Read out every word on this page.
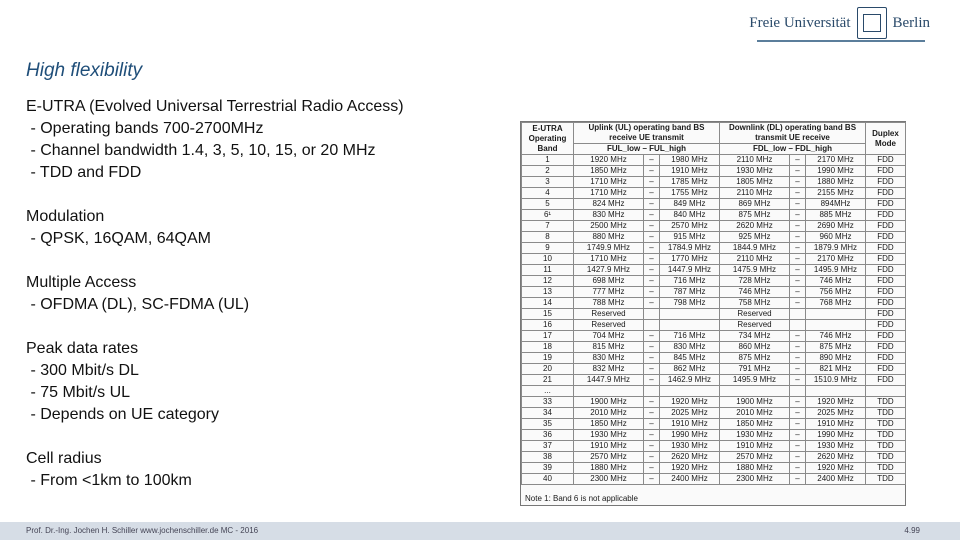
Freie Universität	Berlin
High flexibility
E-UTRA (Evolved Universal Terrestrial Radio Access)
- Operating bands 700-2700MHz
- Channel bandwidth 1.4, 3, 5, 10, 15, or 20 MHz
- TDD and FDD
Modulation
- QPSK, 16QAM, 64QAM
Multiple Access
- OFDMA (DL), SC-FDMA (UL)
Peak data rates
- 300 Mbit/s DL
- 75 Mbit/s UL
- Depends on UE category
Cell radius
- From <1km to 100km
E-UTRA Operating Band	Uplink (UL) operating band BS receive UE transmit			Downlink (DL) operating band BS transmit UE receive			Duplex Mode
	FUL_low – FUL_high			FDL_low – FDL_high			
1	1920 MHz	–	1980 MHz	2110 MHz	–	2170 MHz	FDD
2	1850 MHz	–	1910 MHz	1930 MHz	–	1990 MHz	FDD
3	1710 MHz	–	1785 MHz	1805 MHz	–	1880 MHz	FDD
4	1710 MHz	–	1755 MHz	2110 MHz	–	2155 MHz	FDD
5	824 MHz	–	849 MHz	869 MHz	–	894MHz	FDD
6¹	830 MHz	–	840 MHz	875 MHz	–	885 MHz	FDD
7	2500 MHz	–	2570 MHz	2620 MHz	–	2690 MHz	FDD
8	880 MHz	–	915 MHz	925 MHz	–	960 MHz	FDD
9	1749.9 MHz	–	1784.9 MHz	1844.9 MHz	–	1879.9 MHz	FDD
10	1710 MHz	–	1770 MHz	2110 MHz	–	2170 MHz	FDD
11	1427.9 MHz	–	1447.9 MHz	1475.9 MHz	–	1495.9 MHz	FDD
12	698 MHz	–	716 MHz	728 MHz	–	746 MHz	FDD
13	777 MHz	–	787 MHz	746 MHz	–	756 MHz	FDD
14	788 MHz	–	798 MHz	758 MHz	–	768 MHz	FDD
15	Reserved			Reserved			FDD
16	Reserved			Reserved			FDD
17	704 MHz	–	716 MHz	734 MHz	–	746 MHz	FDD
18	815 MHz	–	830 MHz	860 MHz	–	875 MHz	FDD
19	830 MHz	–	845 MHz	875 MHz	–	890 MHz	FDD
20	832 MHz	–	862 MHz	791 MHz	–	821 MHz	FDD
21	1447.9 MHz	–	1462.9 MHz	1495.9 MHz	–	1510.9 MHz	FDD
...							
33	1900 MHz	–	1920 MHz	1900 MHz	–	1920 MHz	TDD
34	2010 MHz	–	2025 MHz	2010 MHz	–	2025 MHz	TDD
35	1850 MHz	–	1910 MHz	1850 MHz	–	1910 MHz	TDD
36	1930 MHz	–	1990 MHz	1930 MHz	–	1990 MHz	TDD
37	1910 MHz	–	1930 MHz	1910 MHz	–	1930 MHz	TDD
38	2570 MHz	–	2620 MHz	2570 MHz	–	2620 MHz	TDD
39	1880 MHz	–	1920 MHz	1880 MHz	–	1920 MHz	TDD
40	2300 MHz	–	2400 MHz	2300 MHz	–	2400 MHz	TDD
Note 1: Band 6 is not applicable
Prof. Dr.-Ing. Jochen H. Schiller www.jochenschiller.de MC - 2016	4.99
